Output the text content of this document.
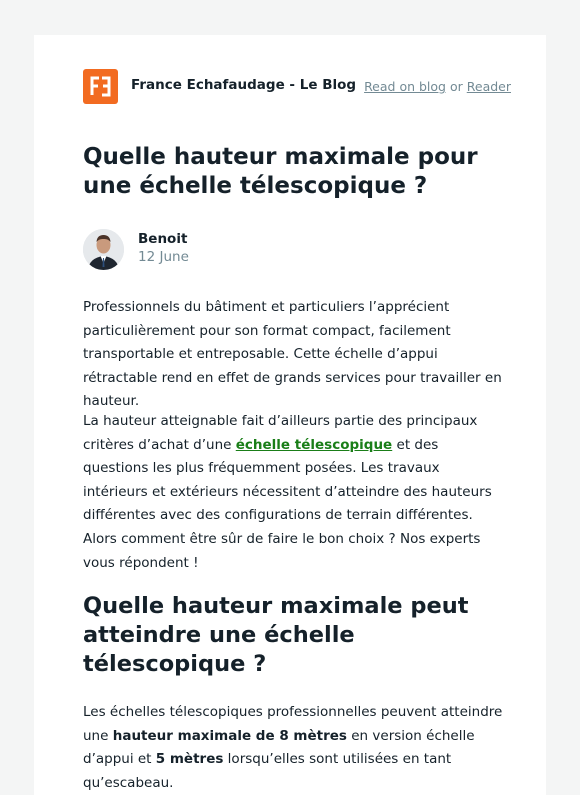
France Echafaudage - Le Blog Read on blog or Reader
Quelle hauteur maximale pour une échelle télescopique ?
Benoit
12 June

Professionnels du bâtiment et particuliers l’apprécient particulièrement pour son format compact, facilement transportable et entreposable. Cette échelle d’appui rétractable rend en effet de grands services pour travailler en hauteur.

La hauteur atteignable fait d’ailleurs partie des principaux critères d’achat d’une échelle télescopique et des questions les plus fréquemment posées. Les travaux intérieurs et extérieurs nécessitent d’atteindre des hauteurs différentes avec des configurations de terrain différentes. Alors comment être sûr de faire le bon choix ? Nos experts vous répondent !

Quelle hauteur maximale peut atteindre une échelle télescopique ?

Les échelles télescopiques professionnelles peuvent atteindre une hauteur maximale de 8 mètres en version échelle d’appui et 5 mètres lorsqu’elles sont utilisées en tant qu’escabeau.
